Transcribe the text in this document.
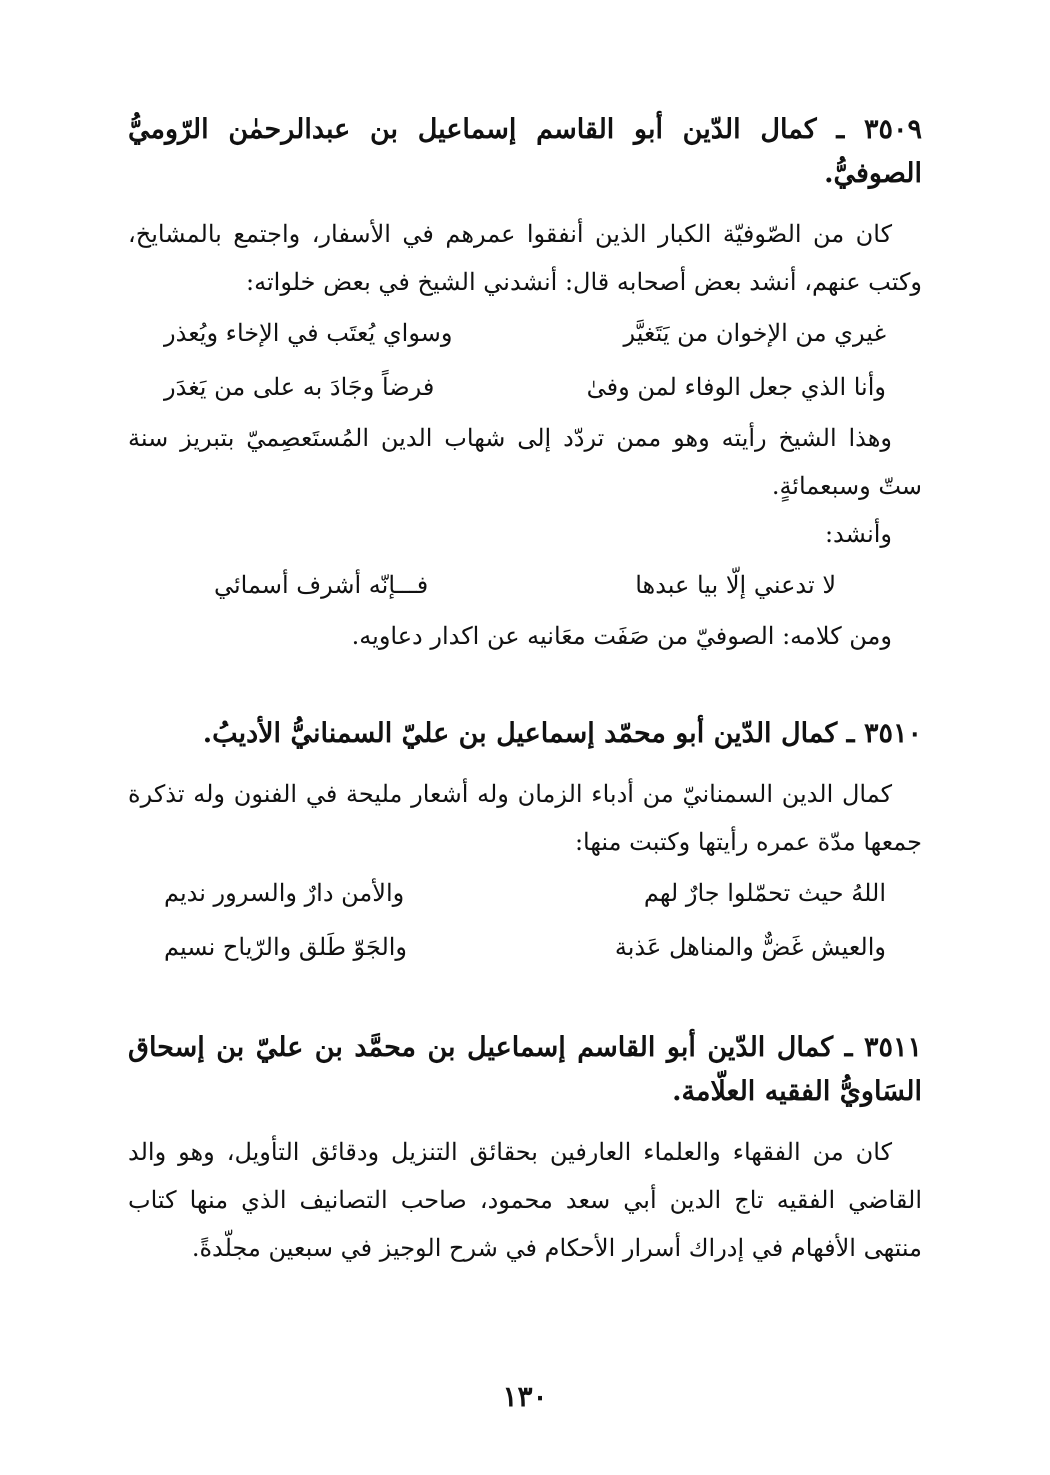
٣٥٠٩ ـ كمال الدّين أبو القاسم إسماعيل بن عبدالرحمٰن الرّوميُّ الصوفيُّ.

كان من الصّوفيّة الكبار الذين أنفقوا عمرهم في الأسفار، واجتمع بالمشايخ، وكتب عنهم، أنشد بعض أصحابه قال: أنشدني الشيخ في بعض خلواته:

غيري من الإخوان من يَتَغيَّر
وسواي يُعتَب في الإخاء ويُعذر
وأنا الذي جعل الوفاء لمن وفىٰ
فرضاً وجَادَ به على من يَغدَر

وهذا الشيخ رأيته وهو ممن تردّد إلى شهاب الدين المُستَعصِميّ بتبريز سنة ستّ وسبعمائةٍ.

وأنشد:

لا تدعني إلّا بيا عبدها
فـــإنّه أشرف أسمائي

ومن كلامه: الصوفيّ من صَفَت معَانيه عن اكدار دعاويه.

٣٥١٠ ـ كمال الدّين أبو محمّد إسماعيل بن عليّ السمنانيُّ الأديبُ.

كمال الدين السمنانيّ من أدباء الزمان وله أشعار مليحة في الفنون وله تذكرة جمعها مدّة عمره رأيتها وكتبت منها:

اللهُ حيث تحمّلوا جارٌ لهم
والأمن دارٌ والسرور نديم
والعيش غَضٌّ والمناهل عَذبة
والجَوّ طَلق والرّياح نسيم
٣٥١١ ـ كمال الدّين أبو القاسم إسماعيل بن محمَّد بن عليّ بن إسحاق السَاويُّ الفقيه العلّامة.

كان من الفقهاء والعلماء العارفين بحقائق التنزيل ودقائق التأويل، وهو والد القاضي الفقيه تاج الدين أبي سعد محمود، صاحب التصانيف الذي منها كتاب منتهى الأفهام في إدراك أسرار الأحكام في شرح الوجيز في سبعين مجلّدةً.

١٣٠
